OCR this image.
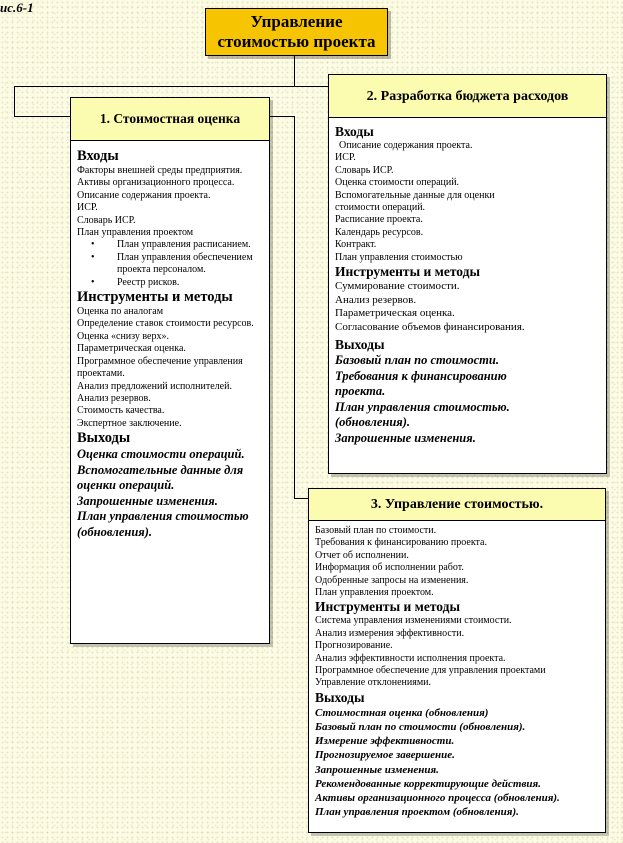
ис.6-1
Управление стоимостью проекта
1. Стоимостная оценка
Входы
Факторы внешней среды предприятия.
Активы организационного процесса.
Описание содержания проекта.
ИСР.
Словарь ИСР.
План управления проектом
• План управления расписанием.
• План управления обеспечением проекта персоналом.
• Реестр рисков.
Инструменты и методы
Оценка по аналогам
Определение ставок стоимости ресурсов.
Оценка «снизу верх».
Параметрическая оценка.
Программное обеспечение управления проектами.
Анализ предложений исполнителей.
Анализ резервов.
Стоимость качества.
Экспертное заключение.
Выходы
Оценка стоимости операций.
Вспомогательные данные для оценки операций.
Запрошенные изменения.
План управления стоимостью (обновления).
2. Разработка бюджета расходов
Входы
Описание содержания проекта.
ИСР.
Словарь ИСР.
Оценка стоимости операций.
Вспомогательные данные для оценки стоимости операций.
Расписание проекта.
Календарь ресурсов.
Контракт.
План управления стоимостью
Инструменты и методы
Суммирование стоимости.
Анализ резервов.
Параметрическая оценка.
Согласование объемов финансирования.
Выходы
Базовый план по стоимости.
Требования к финансированию проекта.
План управления стоимостью. (обновления).
Запрошенные изменения.
3. Управление стоимостью.
Базовый план по стоимости.
Требования к финансированию проекта.
Отчет об исполнении.
Информация об исполнении работ.
Одобренные запросы на изменения.
План управления проектом.
Инструменты и методы
Система управления изменениями стоимости.
Анализ измерения эффективности.
Прогнозирование.
Анализ эффективности исполнения проекта.
Программное обеспечение для управления проектами
Управление отклонениями.
Выходы
Стоимостная оценка (обновления)
Базовый план по стоимости (обновления).
Измерение эффективности.
Прогнозируемое завершение.
Запрошенные изменения.
Рекомендованные корректирующие действия.
Активы организационного процесса (обновления).
План управления проектом (обновления).
